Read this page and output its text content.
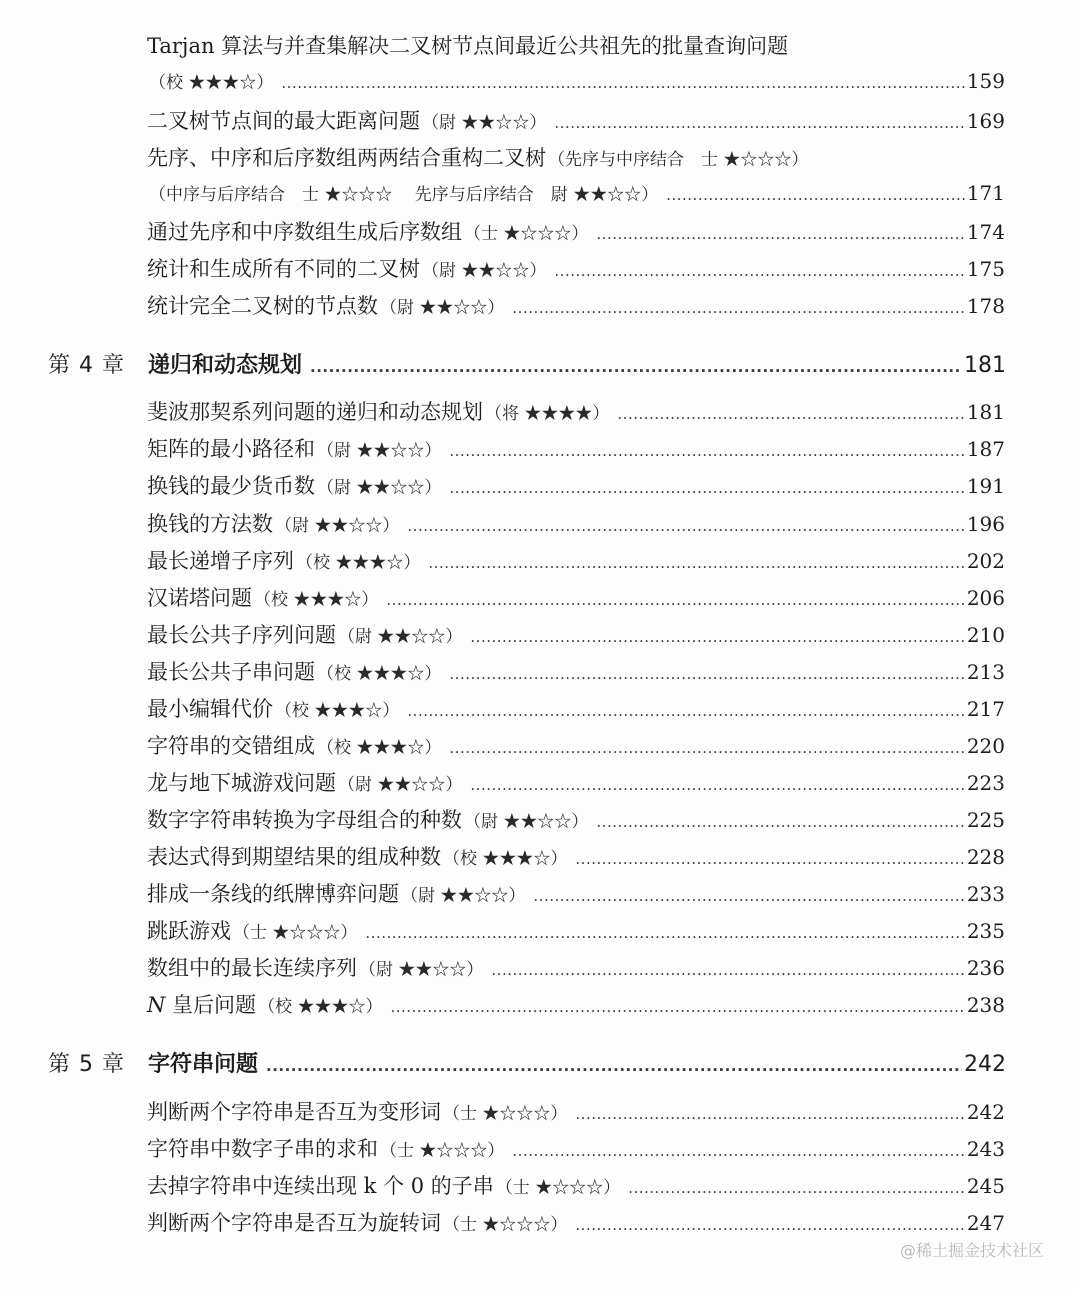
Tarjan 算法与并查集解决二叉树节点间最近公共祖先的批量查询问题
（校 ★★★☆） .....	159
二叉树节点间的最大距离问题 （尉 ★★☆☆） .....	169
先序、中序和后序数组两两结合重构二叉树 （先序与中序结合　士 ★☆☆☆）
（中序与后序结合　士 ★☆☆☆　 先序与后序结合　尉 ★★☆☆） .....	171
通过先序和中序数组生成后序数组 （士 ★☆☆☆） .....	174
统计和生成所有不同的二叉树 （尉 ★★☆☆） .....	175
统计完全二叉树的节点数 （尉 ★★☆☆） .....	178
第 4 章	递归和动态规划 .....	181
斐波那契系列问题的递归和动态规划 （将 ★★★★） .....	181
矩阵的最小路径和 （尉 ★★☆☆） .....	187
换钱的最少货币数 （尉 ★★☆☆） .....	191
换钱的方法数 （尉 ★★☆☆） .....	196
最长递增子序列 （校 ★★★☆） .....	202
汉诺塔问题 （校 ★★★☆） .....	206
最长公共子序列问题 （尉 ★★☆☆） .....	210
最长公共子串问题 （校 ★★★☆） .....	213
最小编辑代价 （校 ★★★☆） .....	217
字符串的交错组成 （校 ★★★☆） .....	220
龙与地下城游戏问题 （尉 ★★☆☆） .....	223
数字字符串转换为字母组合的种数 （尉 ★★☆☆） .....	225
表达式得到期望结果的组成种数 （校 ★★★☆） .....	228
排成一条线的纸牌博弈问题 （尉 ★★☆☆） .....	233
跳跃游戏 （士 ★☆☆☆） .....	235
数组中的最长连续序列 （尉 ★★☆☆） .....	236
N 皇后问题 （校 ★★★☆） .....	238
第 5 章	字符串问题 .....	242
判断两个字符串是否互为变形词 （士 ★☆☆☆） .....	242
字符串中数字子串的求和 （士 ★☆☆☆） .....	243
去掉字符串中连续出现 k 个 0 的子串 （士 ★☆☆☆） .....	245
判断两个字符串是否互为旋转词 （士 ★☆☆☆） .....	247
@稀土掘金技术社区
